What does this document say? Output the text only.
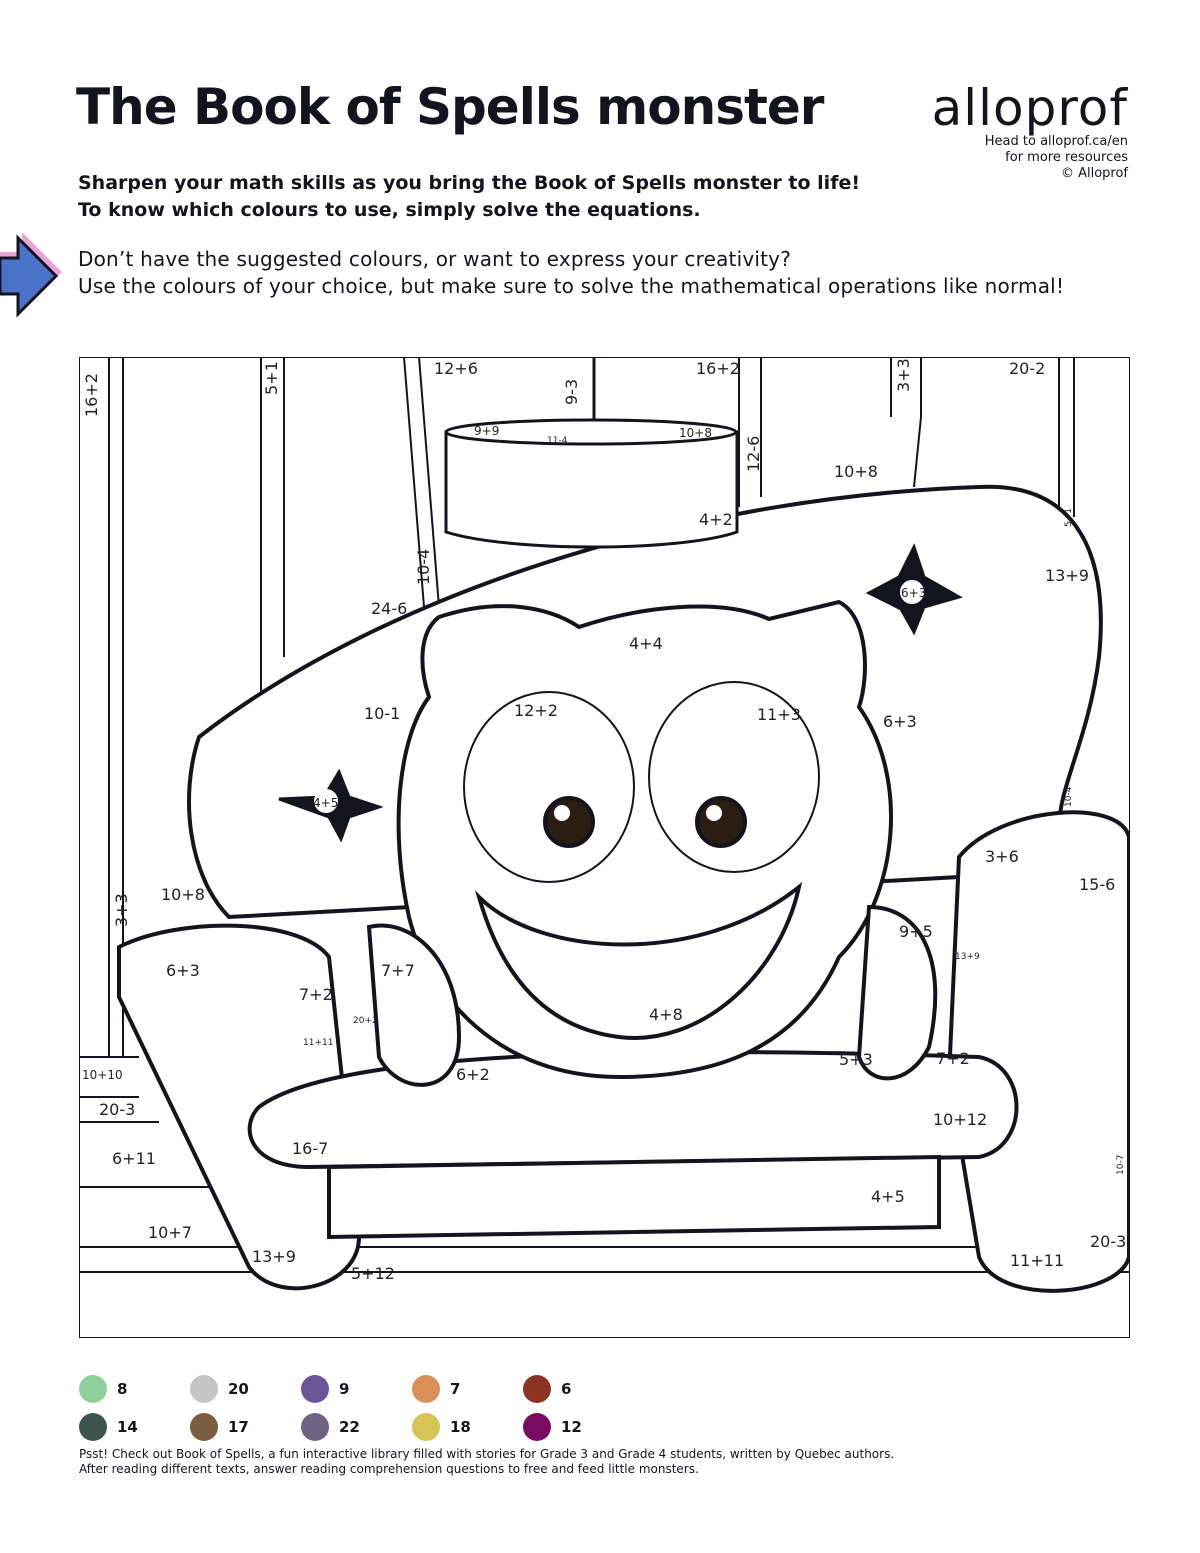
The Book of Spells monster alloprof
Head to alloprof.ca/en
for more resources
© Alloprof
Sharpen your math skills as you bring the Book of Spells monster to life!
To know which colours to use, simply solve the equations.
Don’t have the suggested colours, or want to express your creativity?
Use the colours of your choice, but make sure to solve the mathematical operations like normal!
12+6	16+2	20-2
16+2	5+1	9-3	3+3
9+9
11-4
10+8
12-6	10+8
4+2	5+1
13+9
10-4
24-6
6+3
4+4
10-1	12+2	11+3	6+3
4+5	10-4
3+6
15-6
3+3 10+8
9+5
13+9
6+3	7+7
7+2
20+2
11+11
4+8
5+3	7+2
10+10	6+2
20-3
10+12
16-7
6+11
4+5
10-7
10+7
13+9
20-3
5+12
11+11
8	20	9	7	6
14	17	22	18	12
Psst! Check out Book of Spells, a fun interactive library filled with stories for Grade 3 and Grade 4 students, written by Quebec authors.
After reading different texts, answer reading comprehension questions to free and feed little monsters.
